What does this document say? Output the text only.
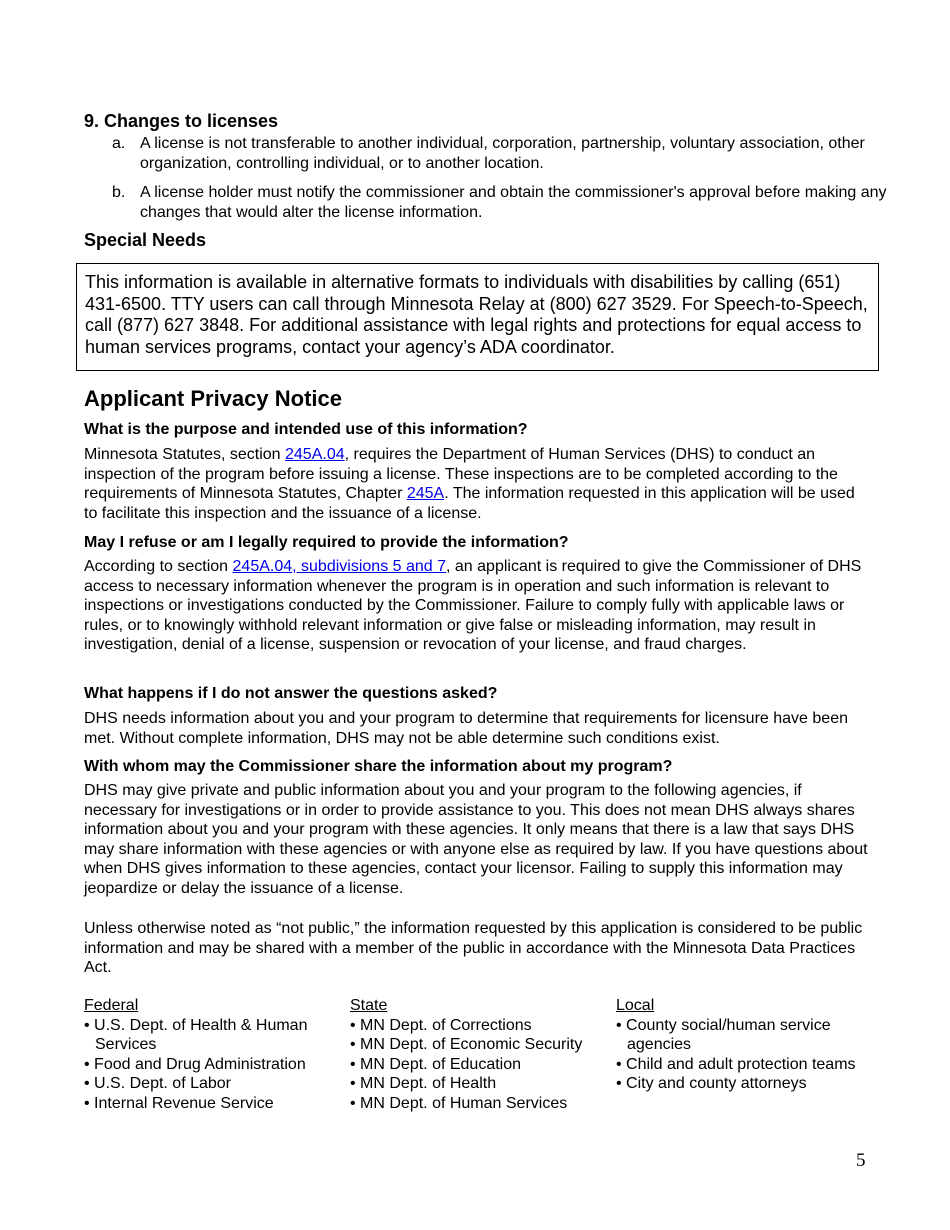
9. Changes to licenses
a. A license is not transferable to another individual, corporation, partnership, voluntary association, other organization, controlling individual, or to another location.
b. A license holder must notify the commissioner and obtain the commissioner's approval before making any changes that would alter the license information.
Special Needs
This information is available in alternative formats to individuals with disabilities by calling (651) 431-6500. TTY users can call through Minnesota Relay at (800) 627 3529. For Speech-to-Speech, call (877) 627 3848. For additional assistance with legal rights and protections for equal access to human services programs, contact your agency’s ADA coordinator.
Applicant Privacy Notice
What is the purpose and intended use of this information?
Minnesota Statutes, section 245A.04, requires the Department of Human Services (DHS) to conduct an inspection of the program before issuing a license. These inspections are to be completed according to the requirements of Minnesota Statutes, Chapter 245A. The information requested in this application will be used to facilitate this inspection and the issuance of a license.
May I refuse or am I legally required to provide the information?
According to section 245A.04, subdivisions 5 and 7, an applicant is required to give the Commissioner of DHS access to necessary information whenever the program is in operation and such information is relevant to inspections or investigations conducted by the Commissioner. Failure to comply fully with applicable laws or rules, or to knowingly withhold relevant information or give false or misleading information, may result in investigation, denial of a license, suspension or revocation of your license, and fraud charges.
What happens if I do not answer the questions asked?
DHS needs information about you and your program to determine that requirements for licensure have been met. Without complete information, DHS may not be able determine such conditions exist.
With whom may the Commissioner share the information about my program?
DHS may give private and public information about you and your program to the following agencies, if necessary for investigations or in order to provide assistance to you. This does not mean DHS always shares information about you and your program with these agencies. It only means that there is a law that says DHS may share information with these agencies or with anyone else as required by law. If you have questions about when DHS gives information to these agencies, contact your licensor. Failing to supply this information may jeopardize or delay the issuance of a license.
Unless otherwise noted as “not public,” the information requested by this application is considered to be public information and may be shared with a member of the public in accordance with the Minnesota Data Practices Act.
Federal
• U.S. Dept. of Health & Human Services
• Food and Drug Administration
• U.S. Dept. of Labor
• Internal Revenue Service
State
• MN Dept. of Corrections
• MN Dept. of Economic Security
• MN Dept. of Education
• MN Dept. of Health
• MN Dept. of Human Services
Local
• County social/human service agencies
• Child and adult protection teams
• City and county attorneys
5
